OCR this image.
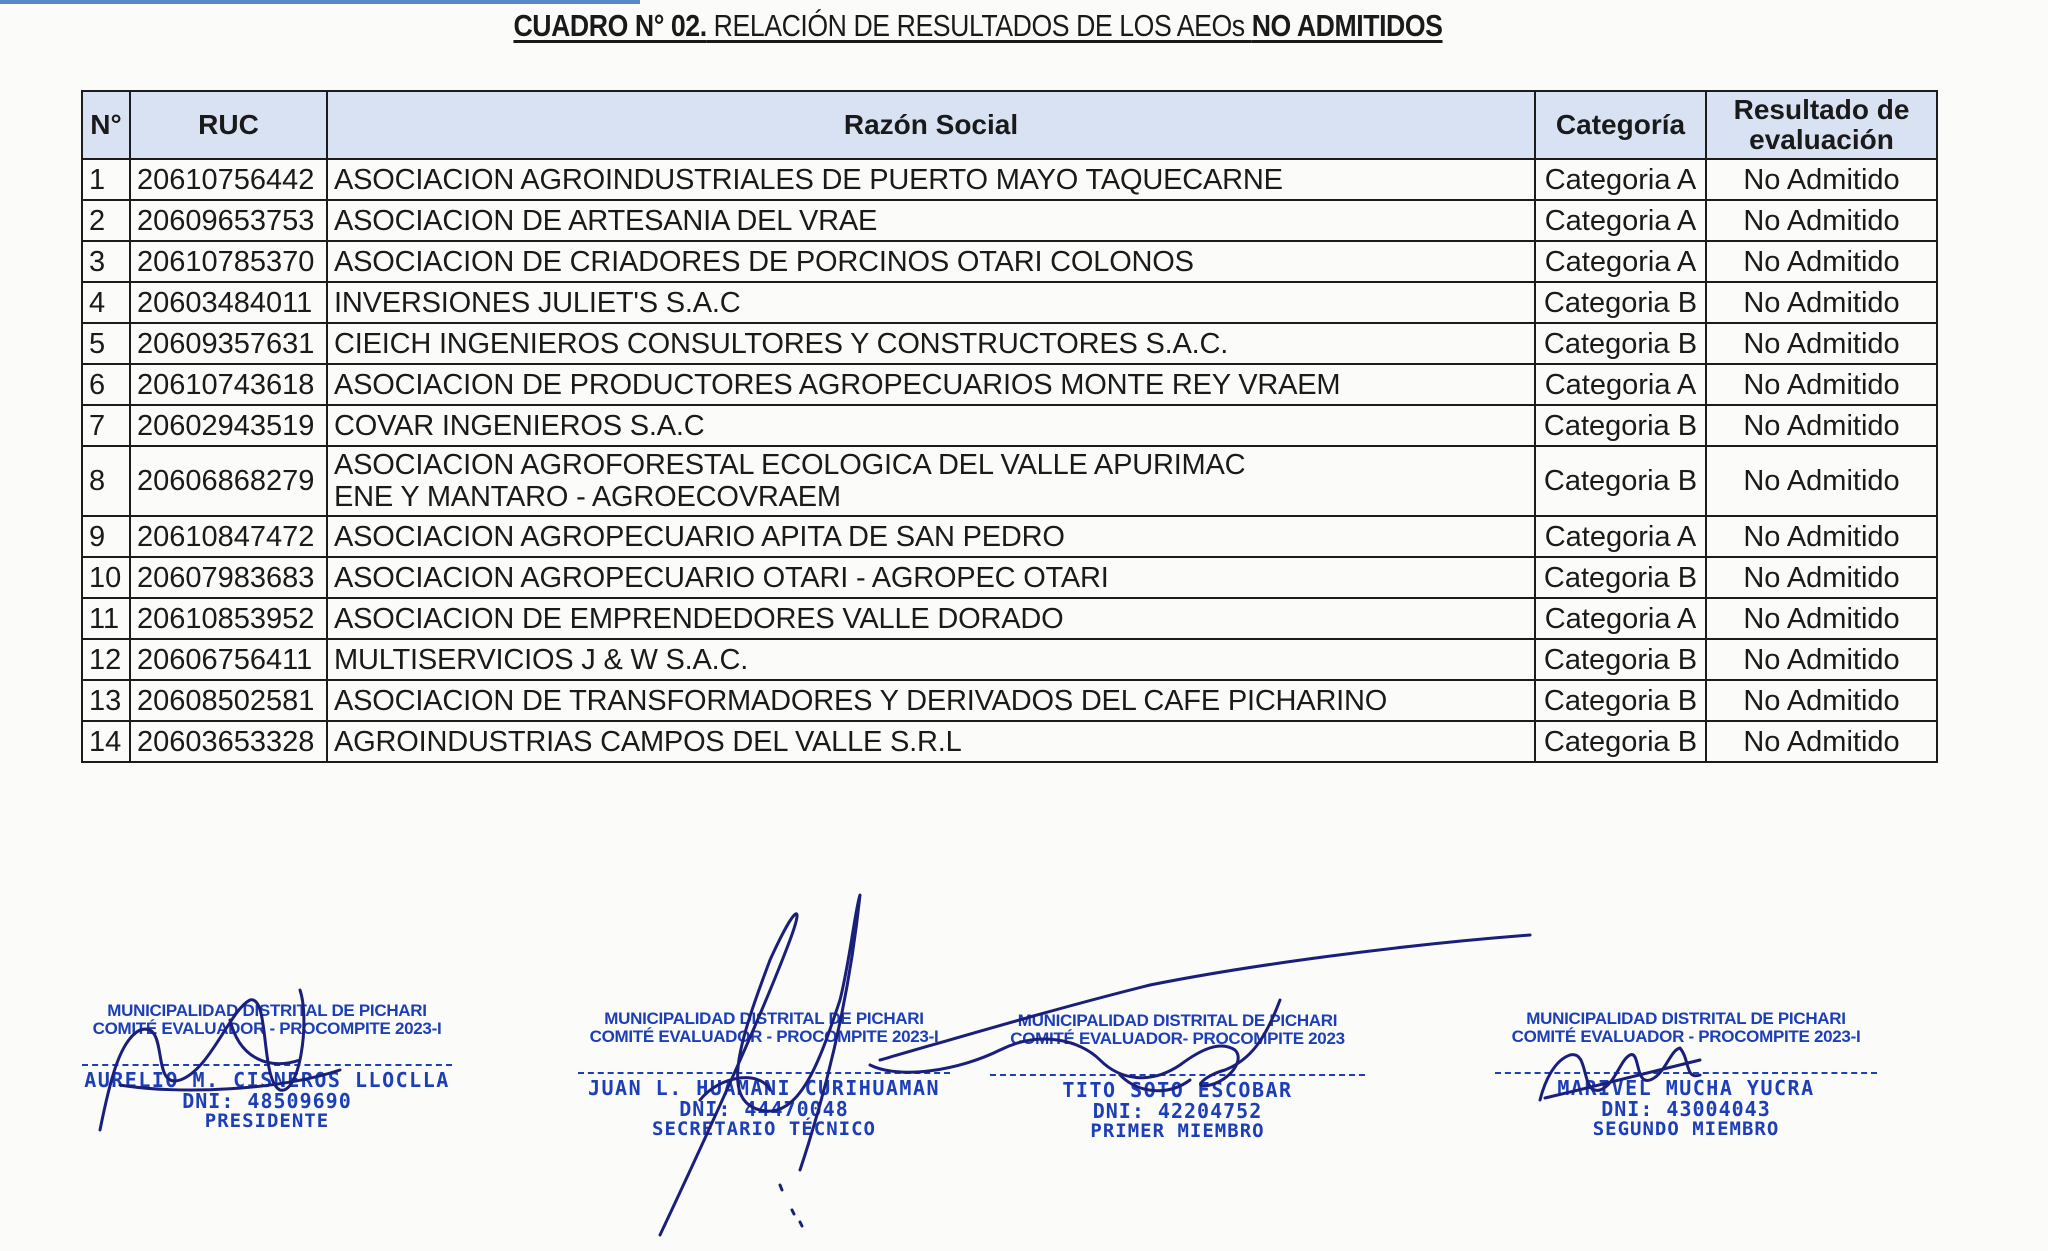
CUADRO N° 02. RELACIÓN DE RESULTADOS DE LOS AEOs NO ADMITIDOS
N°	RUC	Razón Social	Categoría	Resultado de evaluación
1	20610756442	ASOCIACION AGROINDUSTRIALES DE PUERTO MAYO TAQUECARNE	Categoria A	No Admitido
2	20609653753	ASOCIACION DE ARTESANIA DEL VRAE	Categoria A	No Admitido
3	20610785370	ASOCIACION DE CRIADORES DE PORCINOS OTARI COLONOS	Categoria A	No Admitido
4	20603484011	INVERSIONES JULIET'S S.A.C	Categoria B	No Admitido
5	20609357631	CIEICH INGENIEROS CONSULTORES Y CONSTRUCTORES S.A.C.	Categoria B	No Admitido
6	20610743618	ASOCIACION DE PRODUCTORES AGROPECUARIOS MONTE REY VRAEM	Categoria A	No Admitido
7	20602943519	COVAR INGENIEROS S.A.C	Categoria B	No Admitido
8	20606868279	ASOCIACION AGROFORESTAL ECOLOGICA DEL VALLE APURIMAC ENE Y MANTARO - AGROECOVRAEM	Categoria B	No Admitido
9	20610847472	ASOCIACION AGROPECUARIO APITA DE SAN PEDRO	Categoria A	No Admitido
10	20607983683	ASOCIACION AGROPECUARIO OTARI - AGROPEC OTARI	Categoria B	No Admitido
11	20610853952	ASOCIACION DE EMPRENDEDORES VALLE DORADO	Categoria A	No Admitido
12	20606756411	MULTISERVICIOS J & W S.A.C.	Categoria B	No Admitido
13	20608502581	ASOCIACION DE TRANSFORMADORES Y DERIVADOS DEL CAFE PICHARINO	Categoria B	No Admitido
14	20603653328	AGROINDUSTRIAS CAMPOS DEL VALLE S.R.L	Categoria B	No Admitido
MUNICIPALIDAD DISTRITAL DE PICHARI
COMITÉ EVALUADOR - PROCOMPITE 2023-I
AURELIO M. CISNEROS LLOCLLA
DNI: 48509690
PRESIDENTE
MUNICIPALIDAD DISTRITAL DE PICHARI
COMITÉ EVALUADOR - PROCOMPITE 2023-I
JUAN L. HUAMANI CURIHUAMAN
DNI: 44470048
SECRETARIO TÉCNICO
MUNICIPALIDAD DISTRITAL DE PICHARI
COMITÉ EVALUADOR- PROCOMPITE 2023
TITO SOTO ESCOBAR
DNI: 42204752
PRIMER MIEMBRO
MUNICIPALIDAD DISTRITAL DE PICHARI
COMITÉ EVALUADOR - PROCOMPITE 2023-I
MARIVEL MUCHA YUCRA
DNI: 43004043
SEGUNDO MIEMBRO
